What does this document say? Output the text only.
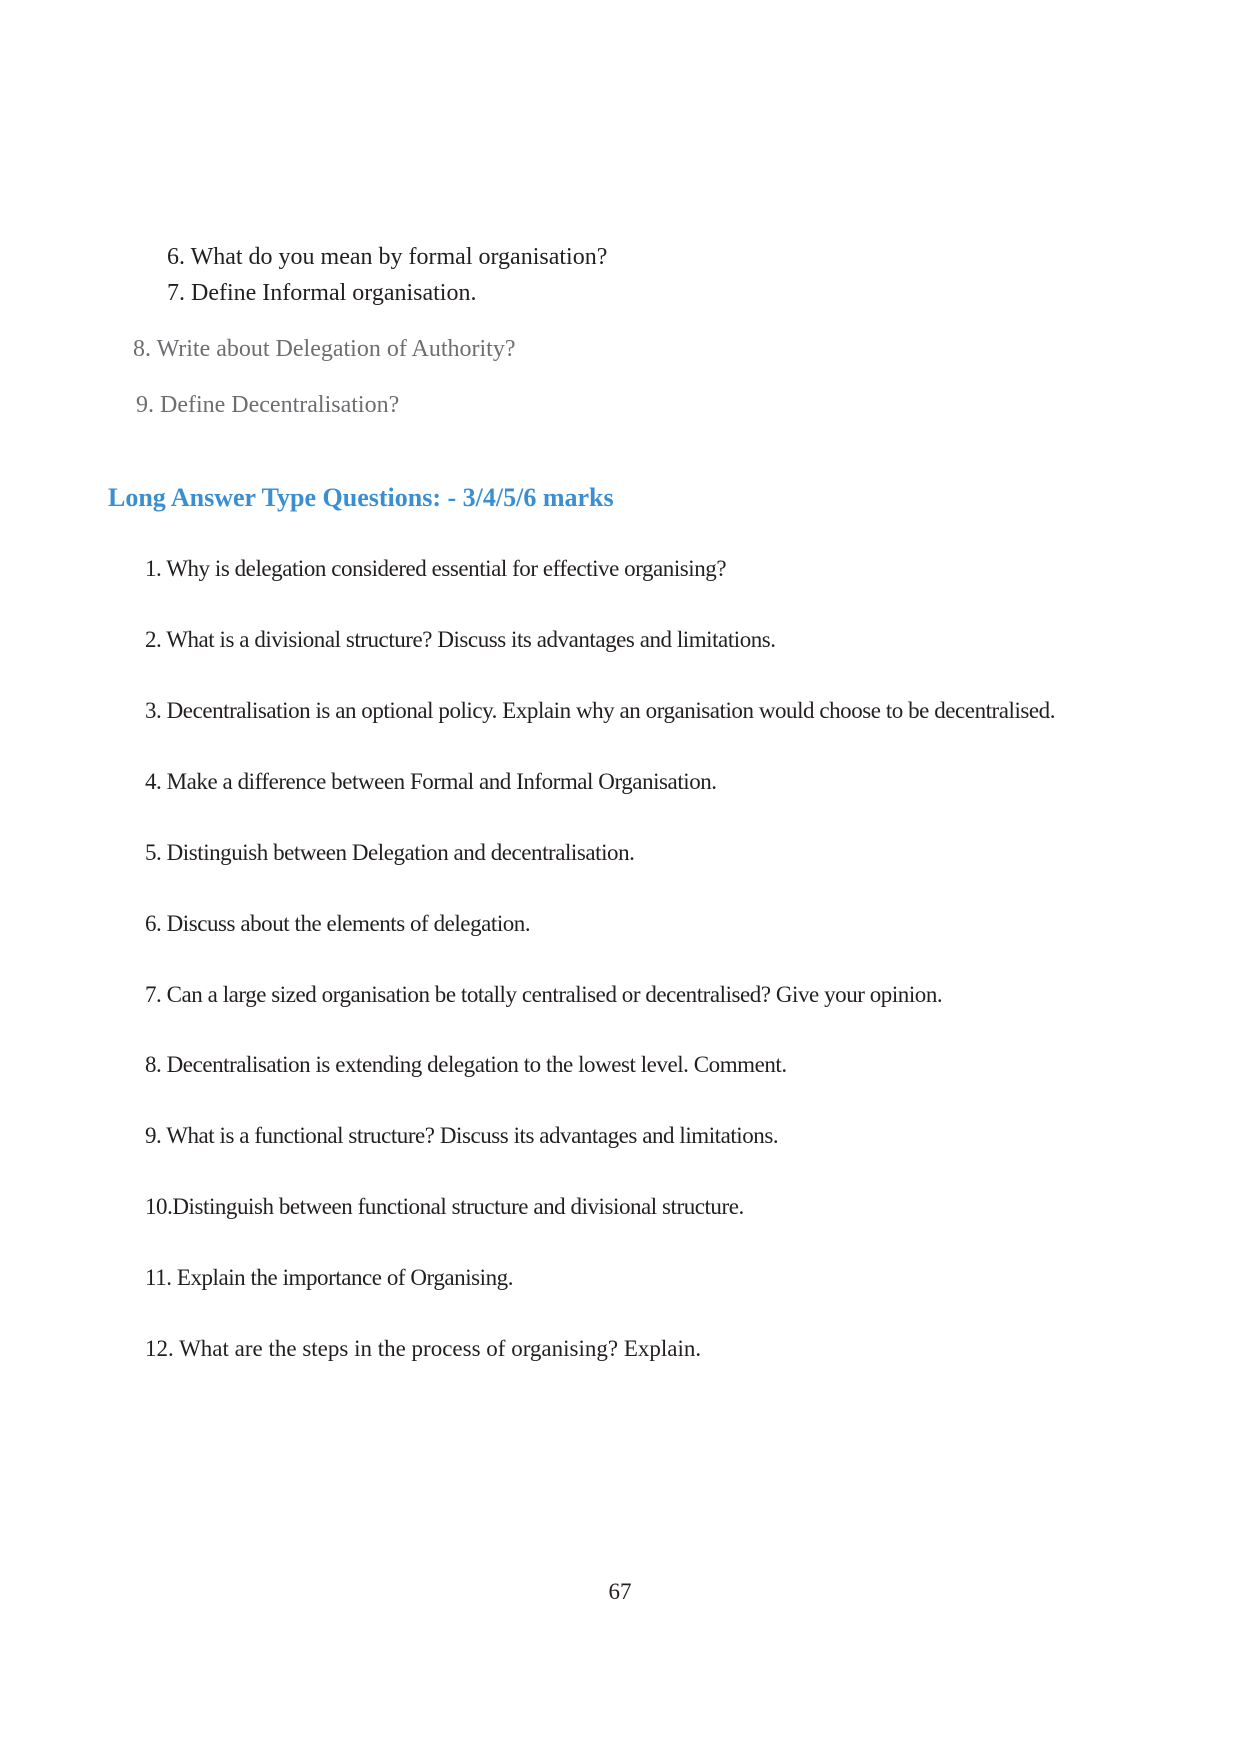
6. What do you mean by formal organisation?
7. Define Informal organisation.
8. Write about Delegation of Authority?
9. Define Decentralisation?
Long Answer Type Questions: - 3/4/5/6 marks
1. Why is delegation considered essential for effective organising?
2. What is a divisional structure? Discuss its advantages and limitations.
3. Decentralisation is an optional policy. Explain why an organisation would choose to be decentralised.
4. Make a difference between Formal and Informal Organisation.
5. Distinguish between Delegation and decentralisation.
6. Discuss about the elements of delegation.
7. Can a large sized organisation be totally centralised or decentralised? Give your opinion.
8. Decentralisation is extending delegation to the lowest level. Comment.
9. What is a functional structure? Discuss its advantages and limitations.
10.Distinguish between functional structure and divisional structure.
11. Explain the importance of Organising.
12. What are the steps in the process of organising? Explain.
67
